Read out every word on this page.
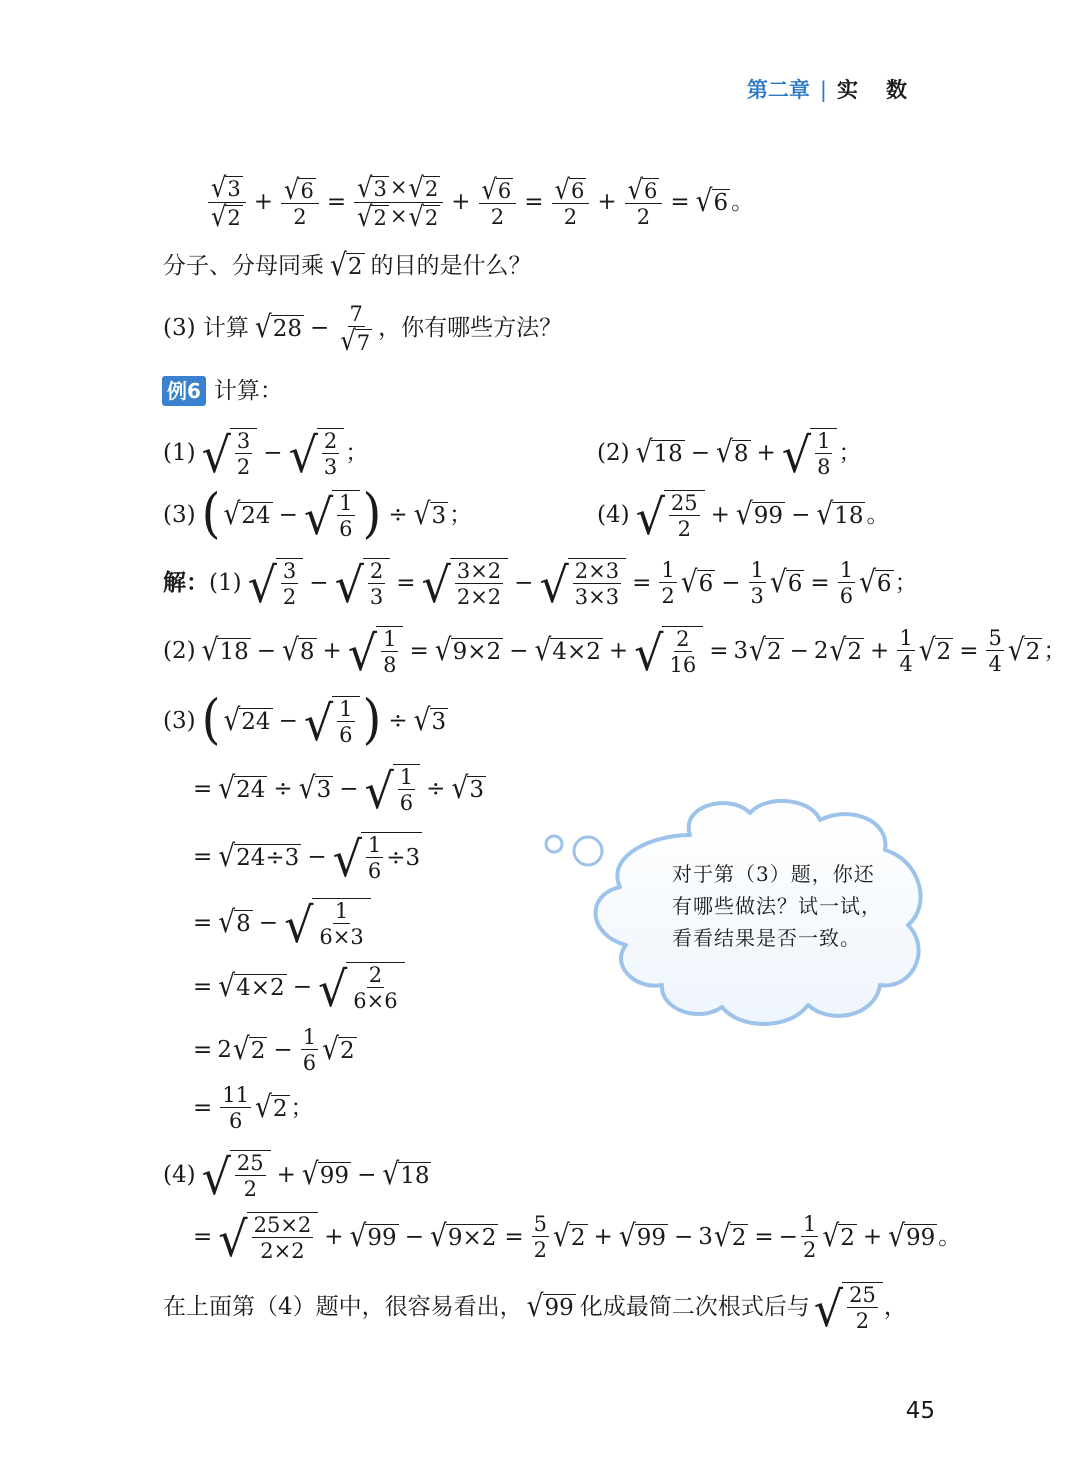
第二章 | 实数
$\frac{√ 3}{√ 2} + \frac{√ 6}{2} = \frac{√ 3 \times √ 2}{√ 2 \times √ 2} + \frac{√ 6}{2} = \frac{√ 6}{2} + \frac{√ 6}{2}$ = √ 6 。
分子、分母同乘 √ 2 的目的是什么？
(3) 计算 √ $28 - \frac{7}{√ 7}$ ，你有哪些方法？
例6 计算：
(1) √ $\frac{3}{2}$ − √ $\frac{2}{3}$ ；	(2) √ 18 − √ 8 + √ $\frac{1}{8}$ ；
(3) ( √ 24 − √ $\frac{1}{6}$ ) ÷ √ 3 ；	(4) √ $\frac{25}{2}$ + √ 99 − √ 18 。
解： (1) √ $\frac{3}{2}$ − √ $\frac{2}{3}$ = √ $\frac{3\times 2}{2\times 2}$ − √ $\frac{2\times 3}{3\times 3} = \frac{1}{2}$ √ $6 - \frac{1}{3}$ √ $6 = \frac{1}{6}$ √ 6 ；
(2) √ 18 − √ 8 + √ $\frac{1}{8}$ = √ 9×2 − √ 4×2 + √ $\frac{2}{16} = 3$ √ 2 − 2 √ $2 + \frac{1}{4}$ √ $2 = \frac{5}{4}$ √ 2 ；
(3) ( √ 24 − √ $\frac{1}{6}$ ) ÷ √ 3
= √ 24 ÷ √ 3 − √ $\frac{1}{6}$ ÷ √ 3
= √ 24÷3 − √ $\frac{1}{6} \div 3$
= √ 8 − √ $\frac{1}{6\times 3}$
= √ 4×2 − √ $\frac{2}{6\times 6}$
= 2 √ $2 - \frac{1}{6}$ √ 2
= $\frac{11}{6}$ √ 2 ；
(4) √ $\frac{25}{2}$ + √ 99 − √ 18
= √ $\frac{25\times 2}{2\times 2}$ + √ 99 − √ $9\times 2 = \frac{5}{2}$ √ 2 + √ 99 − 3 √ 2 = − $\frac{1}{2}$ √ 2 + √ 99 。
在上面第（4）题中，很容易看出， √ 99 化成最简二次根式后与 √ $\frac{25}{2}$ ，
对于第（3）题，你还有哪些做法？试一试，看看结果是否一致。
45
